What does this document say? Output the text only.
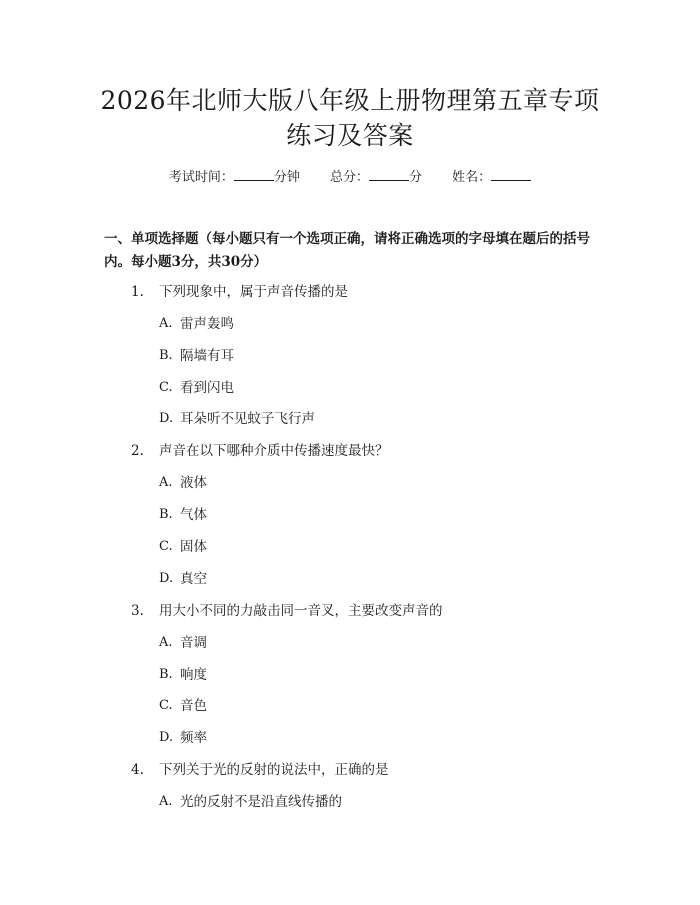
2026年北师大版八年级上册物理第五章专项
练习及答案
考试时间：	分钟 总分：	分 姓名：
一、单项选择题（每小题只有一个选项正确，请将正确选项的字母填在题后的括号内。每小题3分，共30分）
1. 下列现象中，属于声音传播的是
A. 雷声轰鸣
B. 隔墙有耳
C. 看到闪电
D. 耳朵听不见蚊子飞行声
2. 声音在以下哪种介质中传播速度最快？
A. 液体
B. 气体
C. 固体
D. 真空
3. 用大小不同的力敲击同一音叉，主要改变声音的
A. 音调
B. 响度
C. 音色
D. 频率
4. 下列关于光的反射的说法中，正确的是
A. 光的反射不是沿直线传播的
